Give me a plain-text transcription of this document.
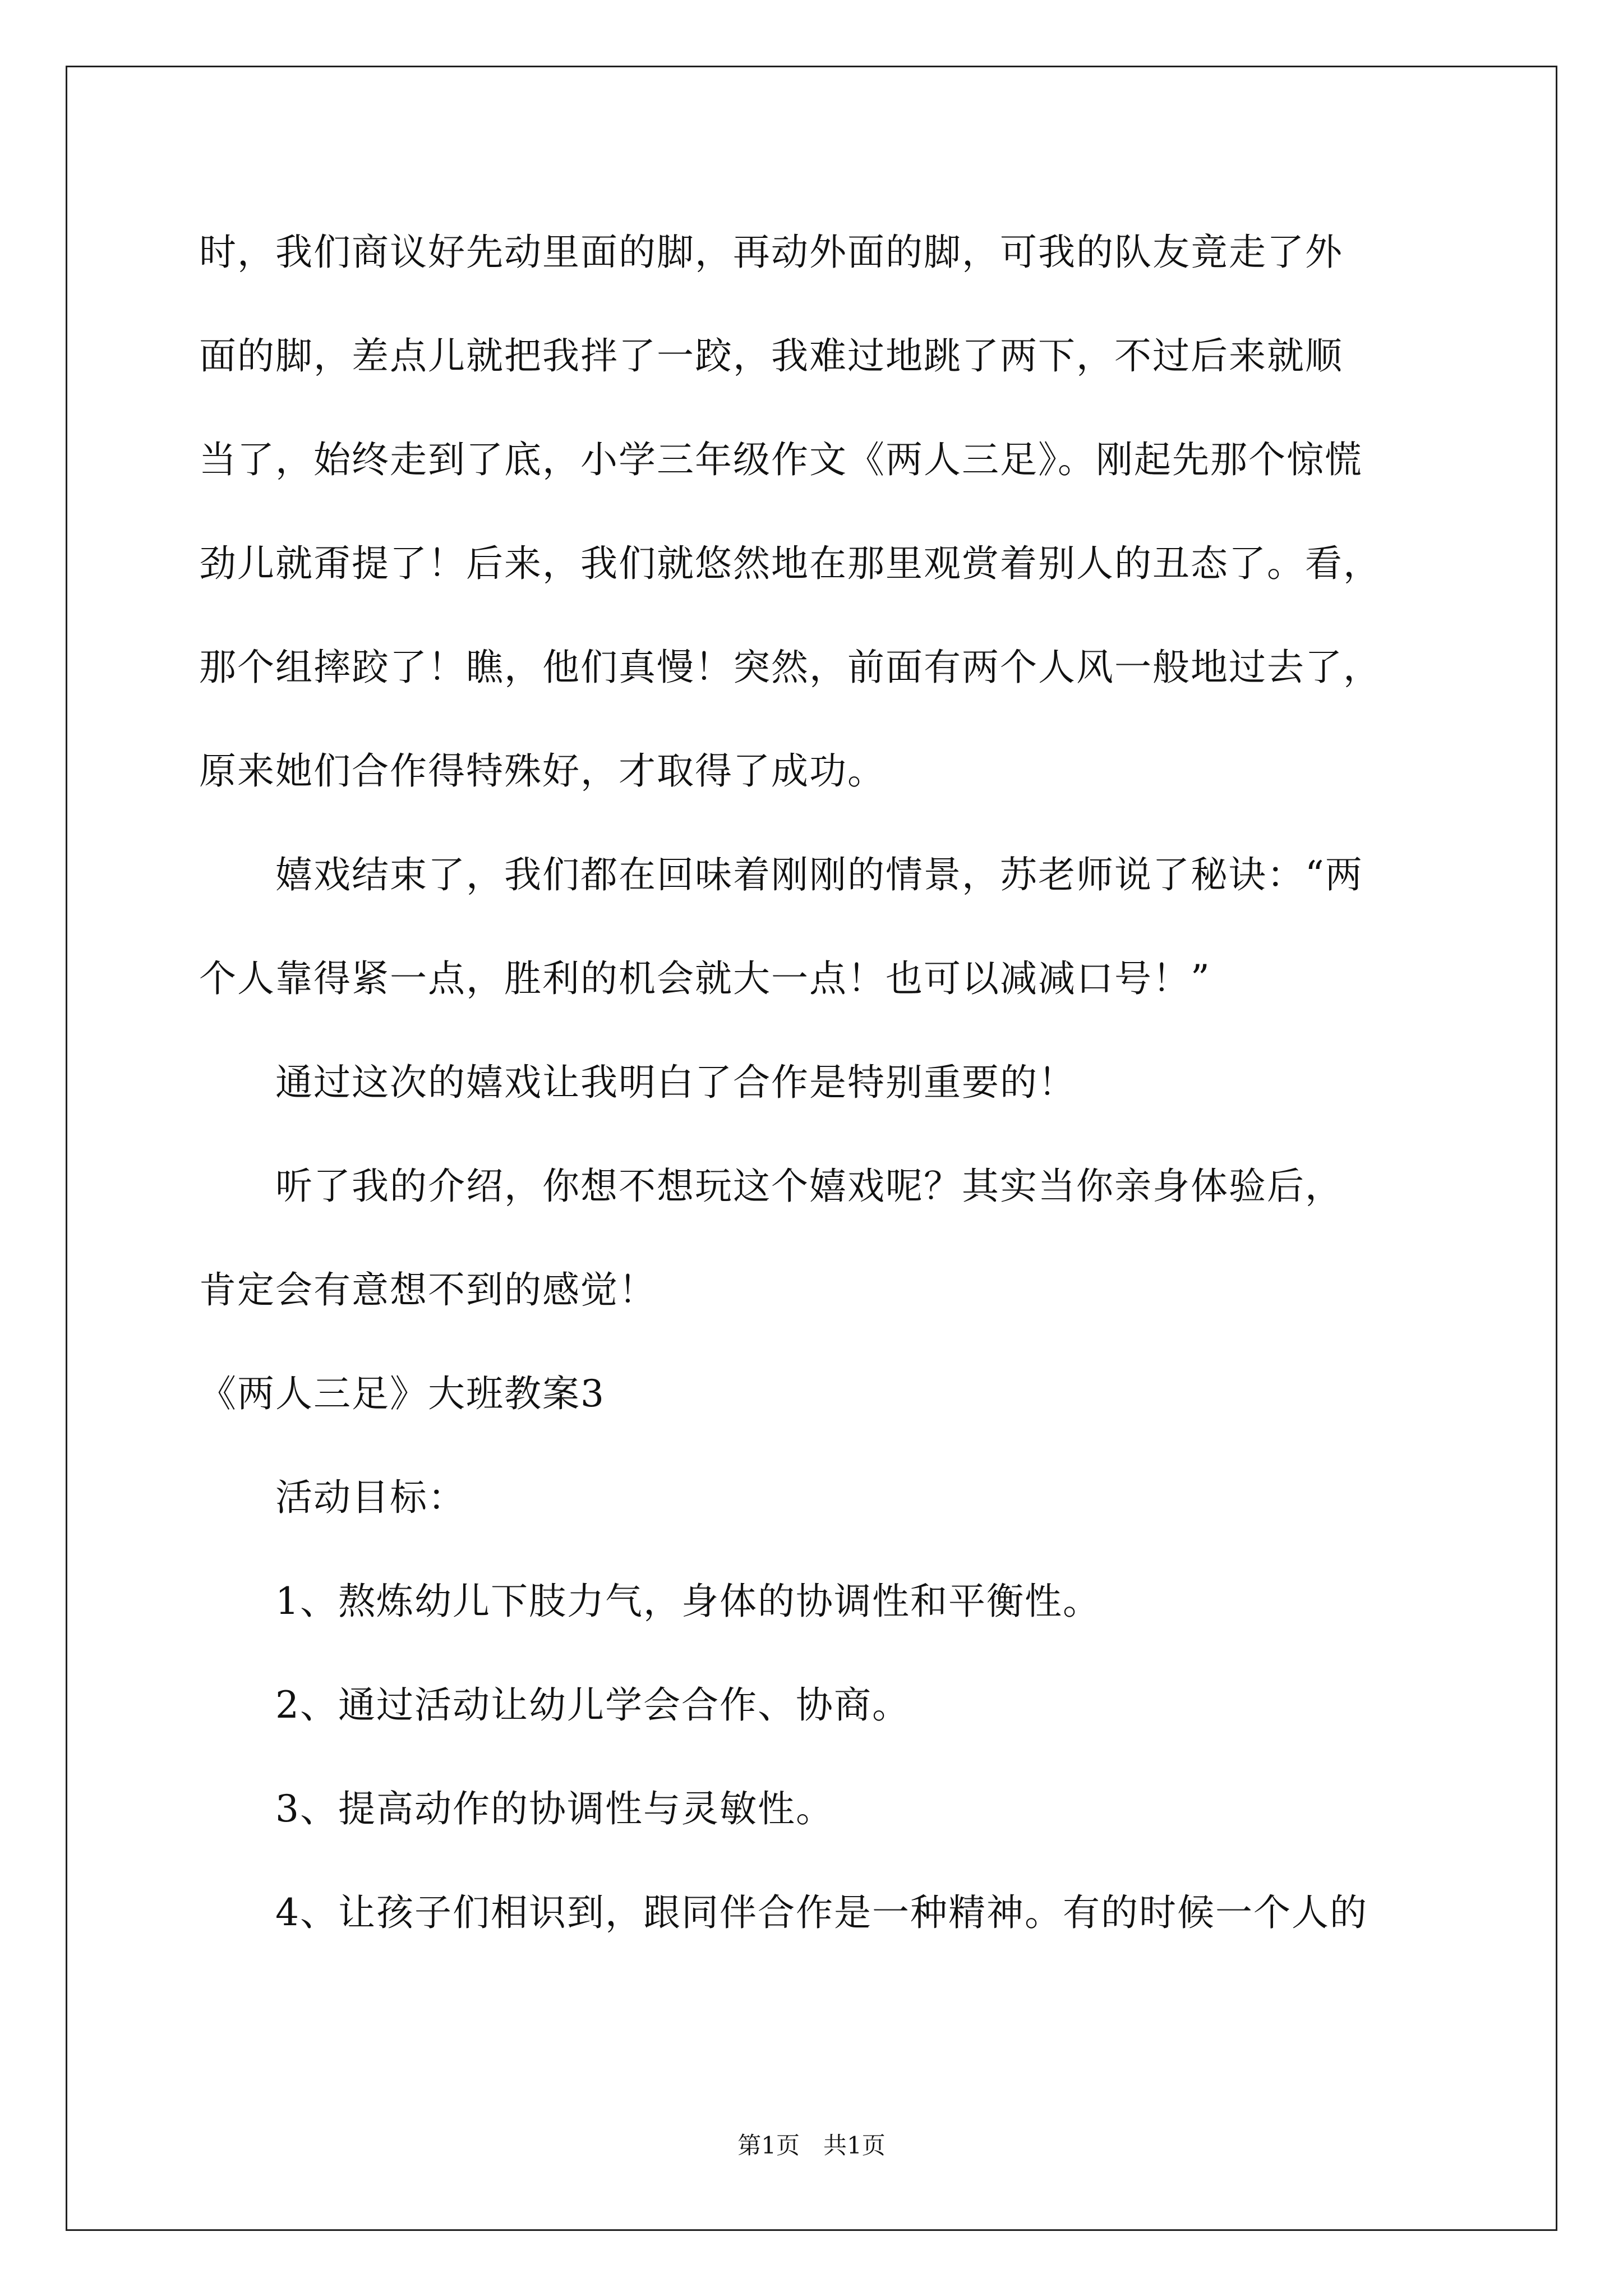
时，我们商议好先动里面的脚，再动外面的脚，可我的队友竟走了外
面的脚，差点儿就把我拌了一跤，我难过地跳了两下，不过后来就顺
当了，始终走到了底，小学三年级作文《两人三足》。刚起先那个惊慌
劲儿就甭提了！后来，我们就悠然地在那里观赏着别人的丑态了。看，
那个组摔跤了！瞧，他们真慢！突然，前面有两个人风一般地过去了，
原来她们合作得特殊好，才取得了成功。
　　嬉戏结束了，我们都在回味着刚刚的情景，苏老师说了秘诀：“两
个人靠得紧一点，胜利的机会就大一点！也可以减减口号！”
　　通过这次的嬉戏让我明白了合作是特别重要的！
　　听了我的介绍，你想不想玩这个嬉戏呢？其实当你亲身体验后，
肯定会有意想不到的感觉！
《两人三足》大班教案3
　　活动目标：
　　1、熬炼幼儿下肢力气，身体的协调性和平衡性。
　　2、通过活动让幼儿学会合作、协商。
　　3、提高动作的协调性与灵敏性。
　　4、让孩子们相识到，跟同伴合作是一种精神。有的时候一个人的
第1页　共1页
